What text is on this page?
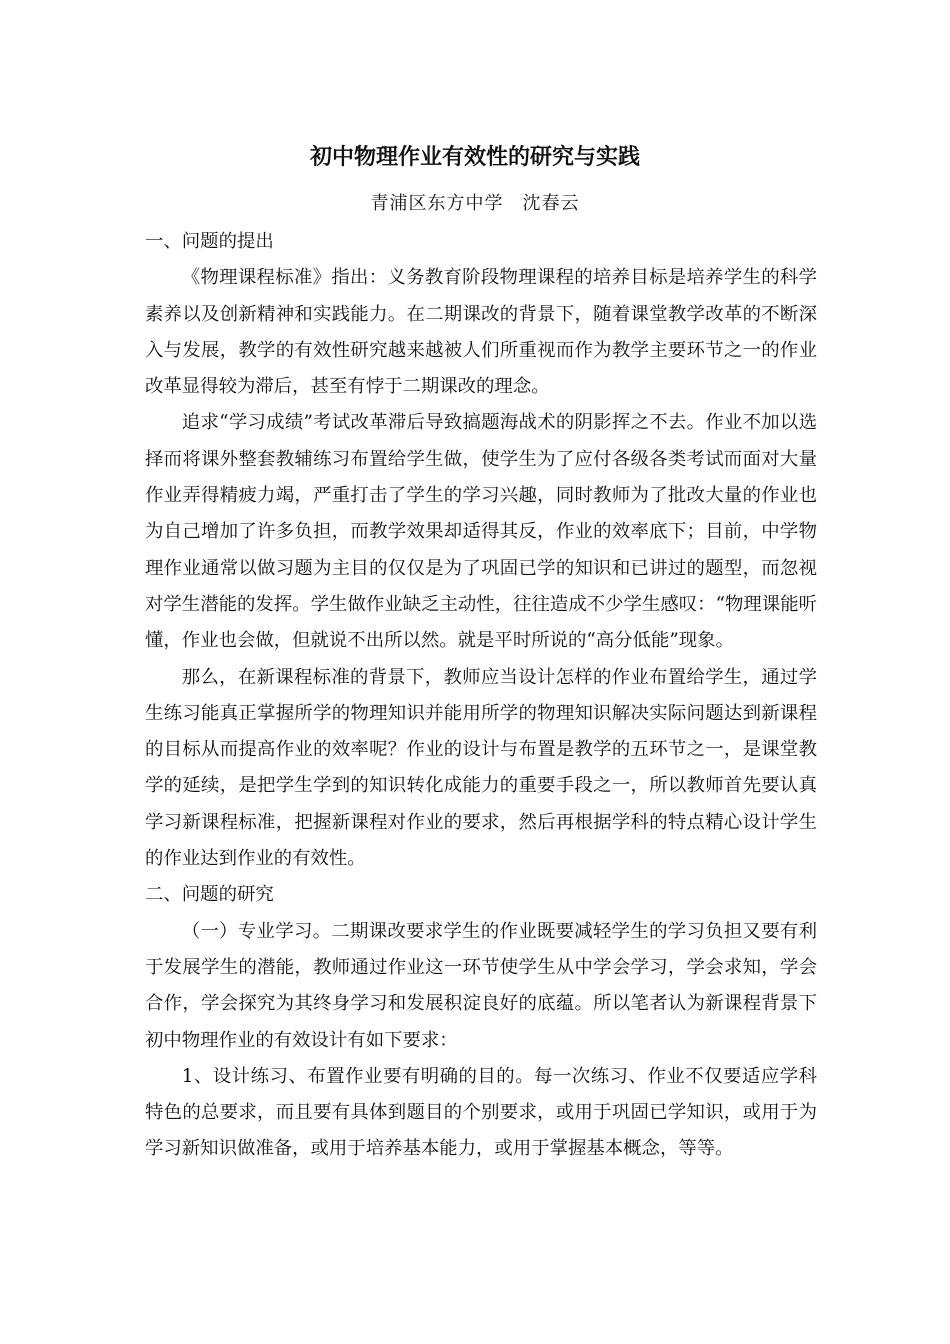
初中物理作业有效性的研究与实践
青浦区东方中学　沈春云

一、问题的提出

《物理课程标准》指出：义务教育阶段物理课程的培养目标是培养学生的科学素养以及创新精神和实践能力。在二期课改的背景下，随着课堂教学改革的不断深入与发展，教学的有效性研究越来越被人们所重视而作为教学主要环节之一的作业改革显得较为滞后，甚至有悖于二期课改的理念。

追求“学习成绩”考试改革滞后导致搞题海战术的阴影挥之不去。作业不加以选择而将课外整套教辅练习布置给学生做，使学生为了应付各级各类考试而面对大量作业弄得精疲力竭，严重打击了学生的学习兴趣，同时教师为了批改大量的作业也为自己增加了许多负担，而教学效果却适得其反，作业的效率底下；目前，中学物理作业通常以做习题为主目的仅仅是为了巩固已学的知识和已讲过的题型，而忽视对学生潜能的发挥。学生做作业缺乏主动性，往往造成不少学生感叹：“物理课能听懂，作业也会做，但就说不出所以然。就是平时所说的“高分低能”现象。

那么，在新课程标准的背景下，教师应当设计怎样的作业布置给学生，通过学生练习能真正掌握所学的物理知识并能用所学的物理知识解决实际问题达到新课程的目标从而提高作业的效率呢？作业的设计与布置是教学的五环节之一，是课堂教学的延续，是把学生学到的知识转化成能力的重要手段之一，所以教师首先要认真学习新课程标准，把握新课程对作业的要求，然后再根据学科的特点精心设计学生的作业达到作业的有效性。

二、问题的研究

（一）专业学习。二期课改要求学生的作业既要减轻学生的学习负担又要有利于发展学生的潜能，教师通过作业这一环节使学生从中学会学习，学会求知，学会合作，学会探究为其终身学习和发展积淀良好的底蕴。所以笔者认为新课程背景下初中物理作业的有效设计有如下要求：

1、设计练习、布置作业要有明确的目的。每一次练习、作业不仅要适应学科特色的总要求，而且要有具体到题目的个别要求，或用于巩固已学知识，或用于为学习新知识做准备，或用于培养基本能力，或用于掌握基本概念，等等。
